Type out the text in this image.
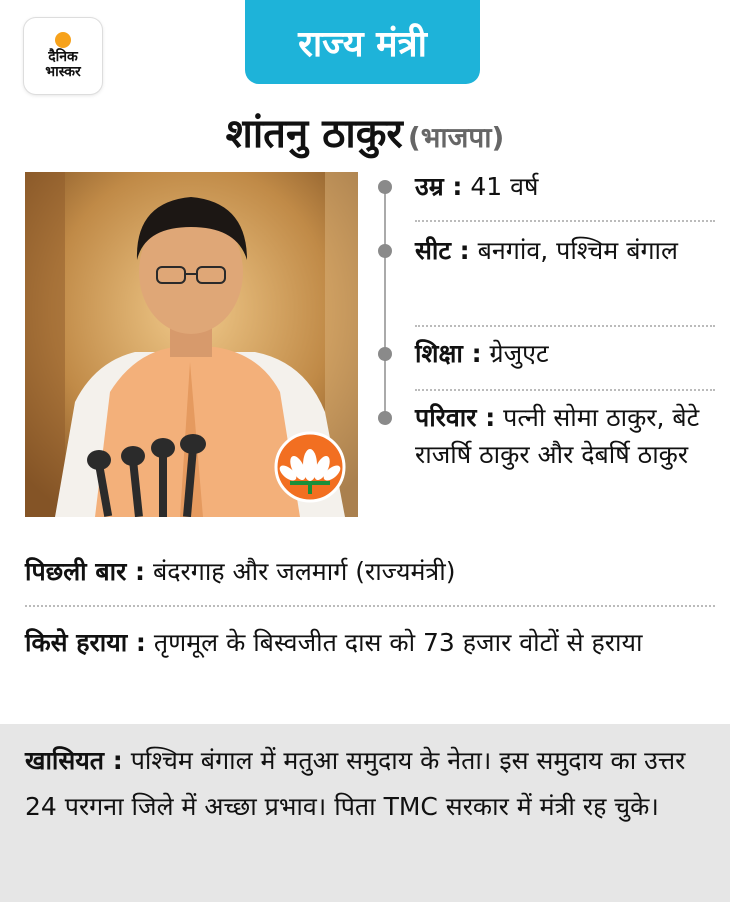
दैनिक
भास्कर
राज्य मंत्री
शांतनु ठाकुर (भाजपा)
उम्र : 41 वर्ष
सीट : बनगांव, पश्चिम बंगाल
शिक्षा : ग्रेजुएट
परिवार : पत्नी सोमा ठाकुर, बेटे राजर्षि ठाकुर और देबर्षि ठाकुर
पिछली बार : बंदरगाह और जलमार्ग (राज्यमंत्री)
किसे हराया : तृणमूल के बिस्वजीत दास को 73 हजार वोटों से हराया
खासियत : पश्चिम बंगाल में मतुआ समुदाय के नेता। इस समुदाय का उत्तर 24 परगना जिले में अच्छा प्रभाव। पिता TMC सरकार में मंत्री रह चुके।
